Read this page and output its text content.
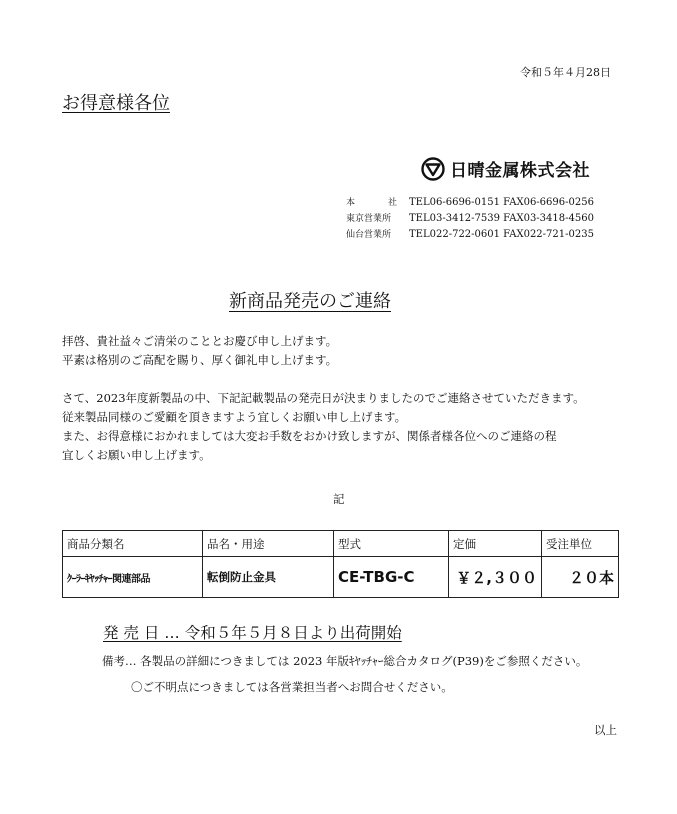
令和５年４月28日
お得意様各位
日晴金属株式会社
本　　社 TEL06-6696-0151 FAX06-6696-0256
東京営業所	TEL03-3412-7539 FAX03-3418-4560
仙台営業所	TEL022-722-0601 FAX022-721-0235
新商品発売のご連絡

拝啓、貴社益々ご清栄のこととお慶び申し上げます。

平素は格別のご高配を賜り、厚く御礼申し上げます。

さて、2023年度新製品の中、下記記載製品の発売日が決まりましたのでご連絡させていただきます。

従来製品同様のご愛顧を頂きますよう宜しくお願い申し上げます。

また、お得意様におかれましては大変お手数をおかけ致しますが、関係者様各位へのご連絡の程

宜しくお願い申し上げます。

記
商品分類名	品名・用途	型式	定価	受注単位
ｸｰﾗｰｷﾔｯﾁｬｰ関連部品	転倒防止金具	CE-TBG-C	￥２,３００	２０本
発 売 日 … 令和５年５月８日より出荷開始
備考… 各製品の詳細につきましては 2023 年版ｷﾔｯﾁｬｰ総合カタログ(P39)をご参照ください。
〇ご不明点につきましては各営業担当者へお問合せください。
以上
